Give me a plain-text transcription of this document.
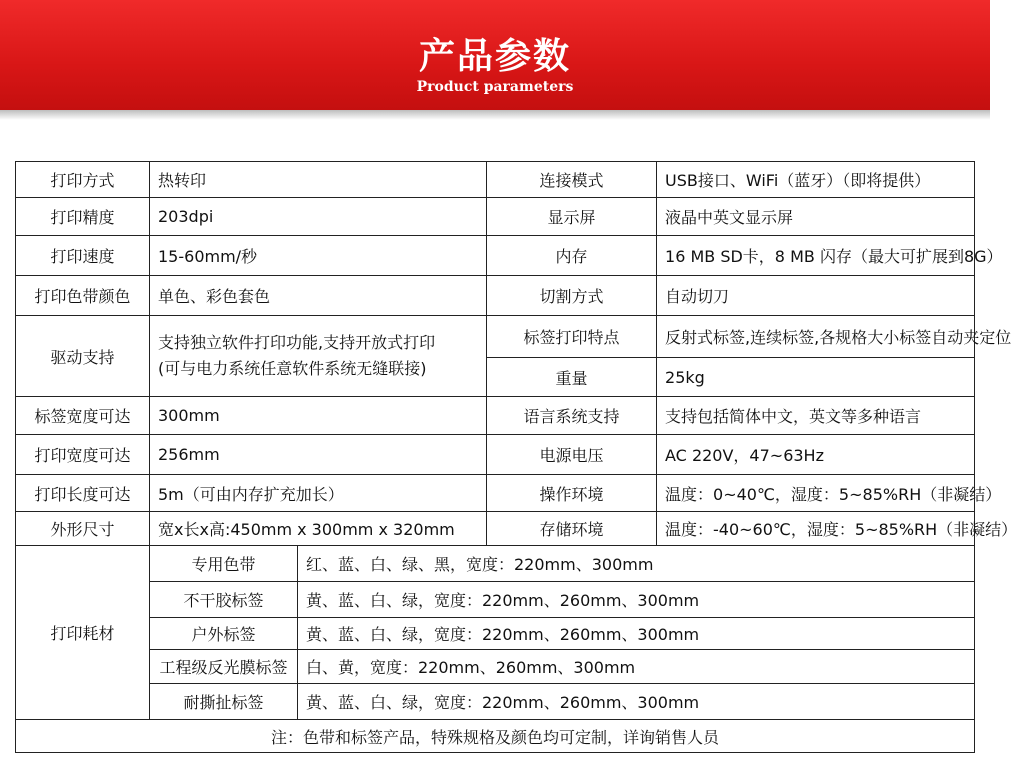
产品参数
Product parameters
打印方式	热转印		连接模式	USB接口、WiFi（蓝牙）（即将提供）
打印精度	203dpi		显示屏	液晶中英文显示屏
打印速度	15-60mm/秒		内存	16 MB SD卡，8 MB 闪存（最大可扩展到8G）
打印色带颜色	单色、彩色套色		切割方式	自动切刀
驱动支持	支持独立软件打印功能,支持开放式打印
(可与电力系统任意软件系统无缝联接)		标签打印特点	反射式标签,连续标签,各规格大小标签自动夹定位
			重量	25kg
标签宽度可达	300mm		语言系统支持	支持包括简体中文，英文等多种语言
打印宽度可达	256mm		电源电压	AC 220V，47~63Hz
打印长度可达	5m（可由内存扩充加长）		操作环境	温度：0~40℃，湿度：5~85%RH（非凝结）
外形尺寸	宽x长x高:450mm x 300mm x 320mm		存储环境	温度：-40~60℃，湿度：5~85%RH（非凝结）
打印耗材	专用色带	红、蓝、白、绿、黑，宽度：220mm、300mm		
	不干胶标签	黄、蓝、白、绿，宽度：220mm、260mm、300mm		
	户外标签	黄、蓝、白、绿，宽度：220mm、260mm、300mm		
	工程级反光膜标签	白、黄，宽度：220mm、260mm、300mm		
	耐撕扯标签	黄、蓝、白、绿，宽度：220mm、260mm、300mm		
注：色带和标签产品，特殊规格及颜色均可定制，详询销售人员				
